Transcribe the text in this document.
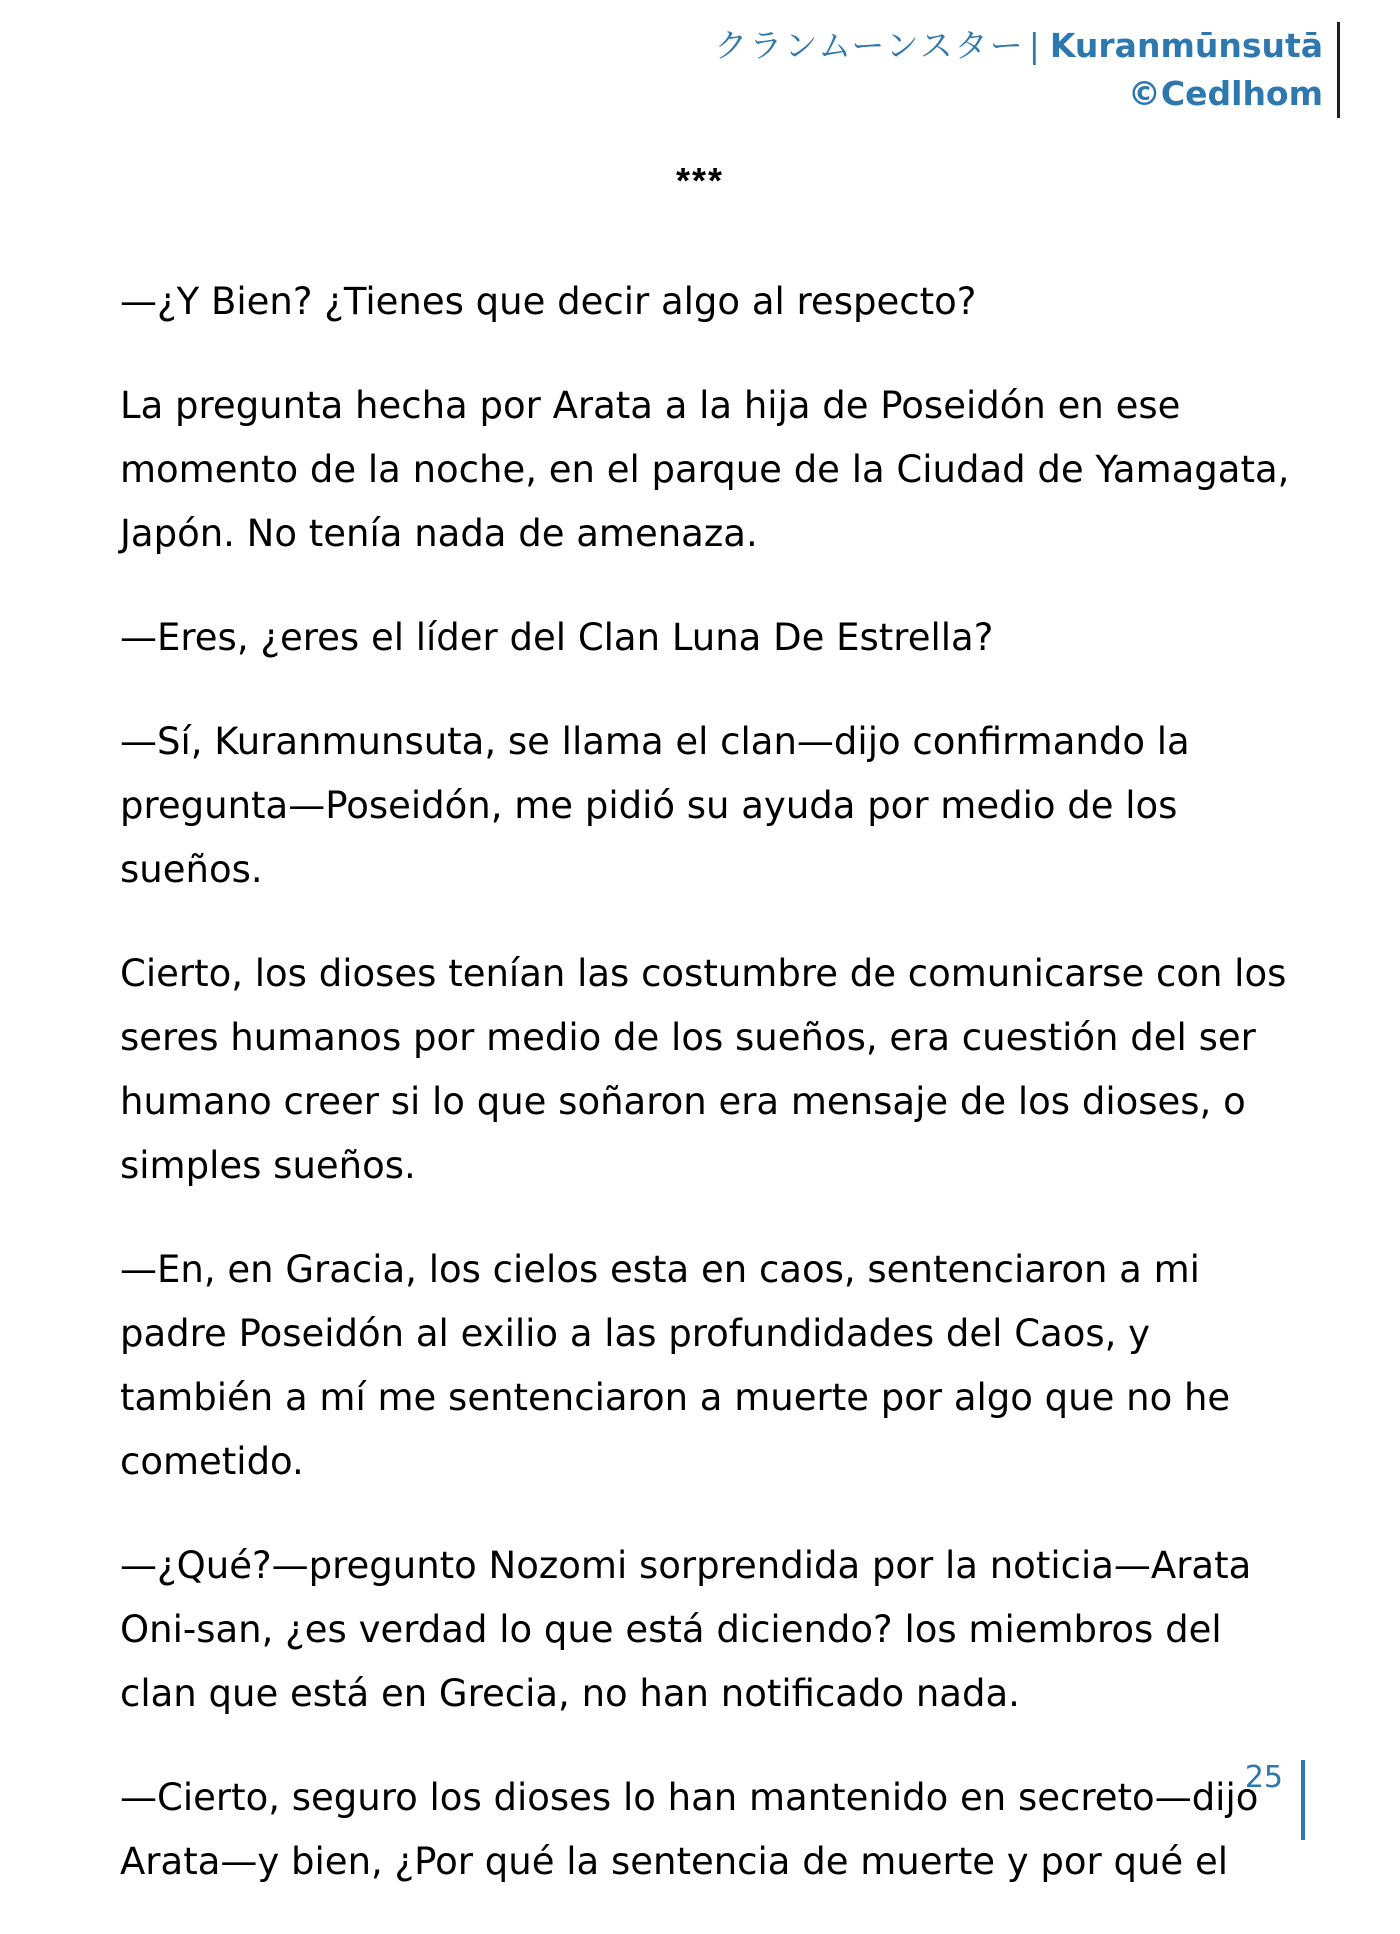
クランムーンスター | Kuranmūnsutā
©Cedlhom
***

—¿Y Bien? ¿Tienes que decir algo al respecto?

La pregunta hecha por Arata a la hija de Poseidón en ese momento de la noche, en el parque de la Ciudad de Yamagata, Japón. No tenía nada de amenaza.

—Eres, ¿eres el líder del Clan Luna De Estrella?

—Sí, Kuranmunsuta, se llama el clan—dijo confirmando la pregunta—Poseidón, me pidió su ayuda por medio de los sueños.

Cierto, los dioses tenían las costumbre de comunicarse con los seres humanos por medio de los sueños, era cuestión del ser humano creer si lo que soñaron era mensaje de los dioses, o simples sueños.

—En, en Gracia, los cielos esta en caos, sentenciaron a mi padre Poseidón al exilio a las profundidades del Caos, y también a mí me sentenciaron a muerte por algo que no he cometido.

—¿Qué?—pregunto Nozomi sorprendida por la noticia—Arata Oni-san, ¿es verdad lo que está diciendo? los miembros del clan que está en Grecia, no han notificado nada.

—Cierto, seguro los dioses lo han mantenido en secreto—dijo Arata—y bien, ¿Por qué la sentencia de muerte y por qué el

25
